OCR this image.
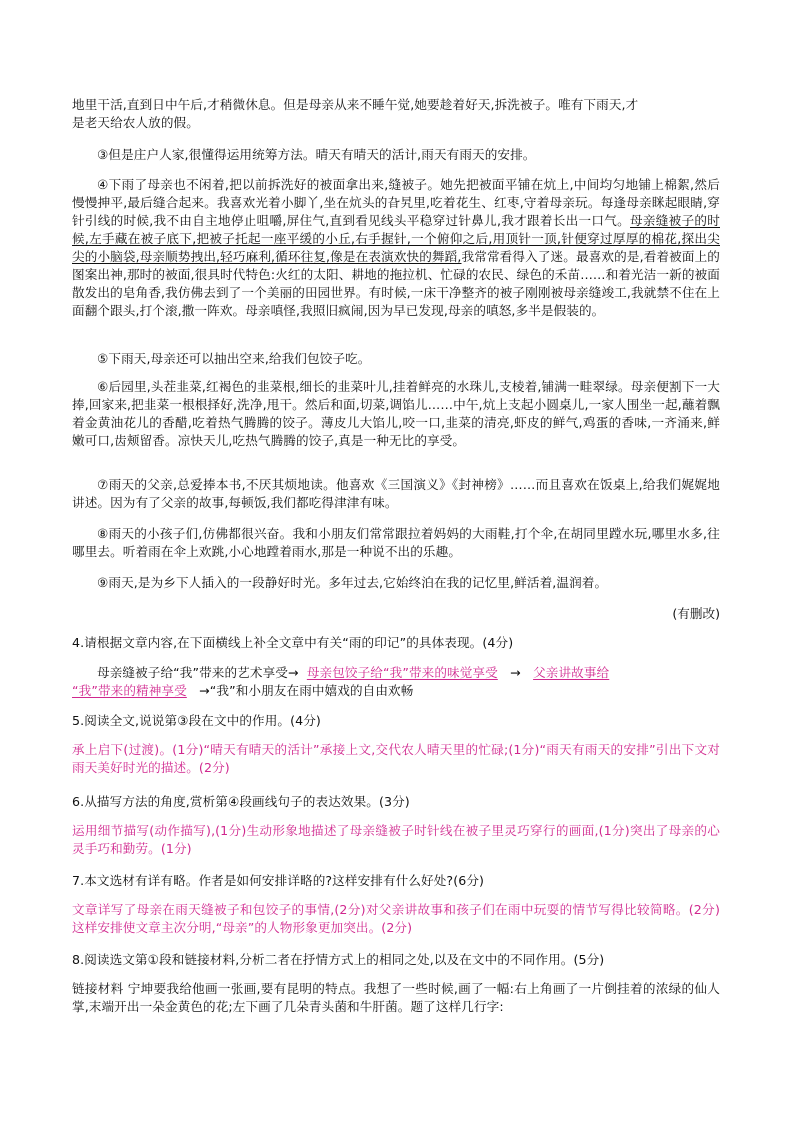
地里干活,直到日中午后,才稍微休息。但是母亲从来不睡午觉,她要趁着好天,拆洗被子。唯有下雨天,才
是老天给农人放的假。
③但是庄户人家,很懂得运用统筹方法。晴天有晴天的活计,雨天有雨天的安排。
④下雨了母亲也不闲着,把以前拆洗好的被面拿出来,缝被子。她先把被面平铺在炕上,中间均匀地铺上棉絮,然后慢慢抻平,最后缝合起来。我喜欢光着小脚丫,坐在炕头的旮旯里,吃着花生、红枣,守着母亲玩。每逢母亲眯起眼睛,穿针引线的时候,我不由自主地停止咀嚼,屏住气,直到看见线头平稳穿过针鼻儿,我才跟着长出一口气。母亲缝被子的时候,左手藏在被子底下,把被子托起一座平缓的小丘,右手握针,一个俯仰之后,用顶针一顶,针便穿过厚厚的棉花,探出尖尖的小脑袋,母亲顺势拽出,轻巧麻利,循环往复,像是在表演欢快的舞蹈,我常常看得入了迷。最喜欢的是,看着被面上的图案出神,那时的被面,很具时代特色:火红的太阳、耕地的拖拉机、忙碌的农民、绿色的禾苗……和着光洁一新的被面散发出的皂角香,我仿佛去到了一个美丽的田园世界。有时候,一床干净整齐的被子刚刚被母亲缝竣工,我就禁不住在上面翻个跟头,打个滚,撒一阵欢。母亲嗔怪,我照旧疯闹,因为早已发现,母亲的嗔怒,多半是假装的。
⑤下雨天,母亲还可以抽出空来,给我们包饺子吃。
⑥后园里,头茬韭菜,红褐色的韭菜根,细长的韭菜叶儿,挂着鲜亮的水珠儿,支棱着,铺满一畦翠绿。母亲便割下一大捧,回家来,把韭菜一根根择好,洗净,甩干。然后和面,切菜,调馅儿……中午,炕上支起小圆桌儿,一家人围坐一起,蘸着飘着金黄油花儿的香醋,吃着热气腾腾的饺子。薄皮儿大馅儿,咬一口,韭菜的清亮,虾皮的鲜气,鸡蛋的香味,一齐涌来,鲜嫩可口,齿颊留香。凉快天儿,吃热气腾腾的饺子,真是一种无比的享受。
⑦雨天的父亲,总爱捧本书,不厌其烦地读。他喜欢《三国演义》《封神榜》……而且喜欢在饭桌上,给我们娓娓地讲述。因为有了父亲的故事,每顿饭,我们都吃得津津有味。
⑧雨天的小孩子们,仿佛都很兴奋。我和小朋友们常常跟拉着妈妈的大雨鞋,打个伞,在胡同里蹚水玩,哪里水多,往哪里去。听着雨在伞上欢跳,小心地蹚着雨水,那是一种说不出的乐趣。
⑨雨天,是为乡下人插入的一段静好时光。多年过去,它始终泊在我的记忆里,鲜活着,温润着。
(有删改)
4.请根据文章内容,在下面横线上补全文章中有关“雨的印记”的具体表现。(4分)
母亲缝被子给“我”带来的艺术享受→ 母亲包饺子给“我”带来的味觉享受 → 父亲讲故事给
“我”带来的精神享受 →“我”和小朋友在雨中嬉戏的自由欢畅
5.阅读全文,说说第③段在文中的作用。(4分)
承上启下(过渡)。(1分)“晴天有晴天的活计”承接上文,交代农人晴天里的忙碌;(1分)“雨天有雨天的安排”引出下文对雨天美好时光的描述。(2分)
6.从描写方法的角度,赏析第④段画线句子的表达效果。(3分)
运用细节描写(动作描写),(1分)生动形象地描述了母亲缝被子时针线在被子里灵巧穿行的画面,(1分)突出了母亲的心灵手巧和勤劳。(1分)
7.本文选材有详有略。作者是如何安排详略的?这样安排有什么好处?(6分)
文章详写了母亲在雨天缝被子和包饺子的事情,(2分)对父亲讲故事和孩子们在雨中玩耍的情节写得比较简略。(2分)这样安排使文章主次分明,“母亲”的人物形象更加突出。(2分)
8.阅读选文第①段和链接材料,分析二者在抒情方式上的相同之处,以及在文中的不同作用。(5分)
链接材料 宁坤要我给他画一张画,要有昆明的特点。我想了一些时候,画了一幅:右上角画了一片倒挂着的浓绿的仙人掌,末端开出一朵金黄色的花;左下画了几朵青头菌和牛肝菌。题了这样几行字:
